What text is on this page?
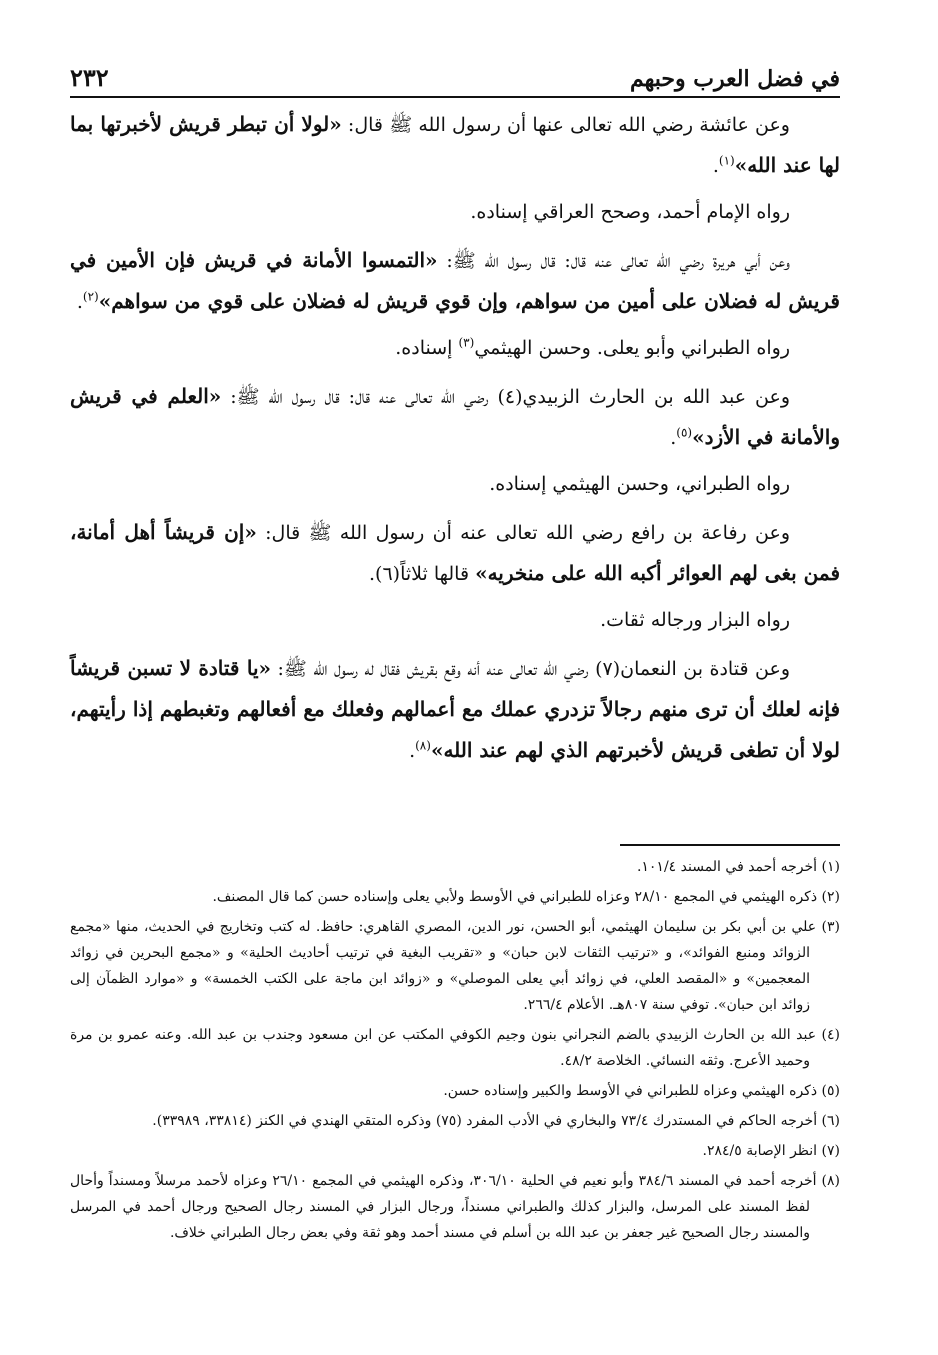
في فضل العرب وحبهم
٢٣٢

وعن عائشة رضي الله تعالى عنها أن رسول الله ﷺ قال: «لولا أن تبطر قريش لأخبرتها بما لها عند الله»$^{(١)}$.

رواه الإمام أحمد، وصحح العراقي إسناده.

وعن أبي هريرة رضي الله تعالى عنه قال: قال رسول الله ﷺ: «التمسوا الأمانة في قريش فإن الأمين في قريش له فضلان على أمين من سواهم، وإن قوي قريش له فضلان على قوي من سواهم»$^{(٢)}$.

رواه الطبراني وأبو يعلى. وحسن الهيثمي$^{(٣)}$ إسناده.

وعن عبد الله بن الحارث الزبيدي(٤) رضي الله تعالى عنه قال: قال رسول الله ﷺ: «العلم في قريش والأمانة في الأزد»$^{(٥)}$.

رواه الطبراني، وحسن الهيثمي إسناده.

وعن رفاعة بن رافع رضي الله تعالى عنه أن رسول الله ﷺ قال: «إن قريشاً أهل أمانة، فمن بغى لهم العوائر أكبه الله على منخريه» قالها ثلاثاً(٦).

رواه البزار ورجاله ثقات.

وعن قتادة بن النعمان(٧) رضي الله تعالى عنه أنه وقع بقريش فقال له رسول الله ﷺ: «يا قتادة لا تسبن قريشاً فإنه لعلك أن ترى منهم رجالاً تزدري عملك مع أعمالهم وفعلك مع أفعالهم وتغبطهم إذا رأيتهم، لولا أن تطغى قريش لأخبرتهم الذي لهم عند الله»$^{(٨)}$.

(١) أخرجه أحمد في المسند ١٠١/٤.

(٢) ذكره الهيثمي في المجمع ٢٨/١٠ وعزاه للطبراني في الأوسط ولأبي يعلى وإسناده حسن كما قال المصنف.

(٣) علي بن أبي بكر بن سليمان الهيثمي، أبو الحسن، نور الدين، المصري القاهري: حافظ. له كتب وتخاريج في الحديث، منها «مجمع الزوائد ومنبع الفوائد»، و «ترتيب الثقات لابن حبان» و «تقريب البغية في ترتيب أحاديث الحلية» و «مجمع البحرين في زوائد المعجمين» و «المقصد العلي، في زوائد أبي يعلى الموصلي» و «زوائد ابن ماجة على الكتب الخمسة» و «موارد الظمآن إلى زوائد ابن حبان». توفي سنة ٨٠٧هـ. الأعلام ٢٦٦/٤.

(٤) عبد الله بن الحارث الزبيدي بالضم النجراني بنون وجيم الكوفي المكتب عن ابن مسعود وجندب بن عبد الله. وعنه عمرو بن مرة وحميد الأعرج. وثقه النسائي. الخلاصة ٤٨/٢.

(٥) ذكره الهيثمي وعزاه للطبراني في الأوسط والكبير وإسناده حسن.

(٦) أخرجه الحاكم في المستدرك ٧٣/٤ والبخاري في الأدب المفرد (٧٥) وذكره المتقي الهندي في الكنز (٣٣٨١٤، ٣٣٩٨٩).

(٧) انظر الإصابة ٢٨٤/٥.

(٨) أخرجه أحمد في المسند ٣٨٤/٦ وأبو نعيم في الحلية ٣٠٦/١٠، وذكره الهيثمي في المجمع ٢٦/١٠ وعزاه لأحمد مرسلاً ومسنداً وأحال لفظ المسند على المرسل، والبزار كذلك والطبراني مسنداً، ورجال البزار في المسند رجال الصحيح ورجال أحمد في المرسل والمسند رجال الصحيح غير جعفر بن عبد الله بن أسلم في مسند أحمد وهو ثقة وفي بعض رجال الطبراني خلاف.
